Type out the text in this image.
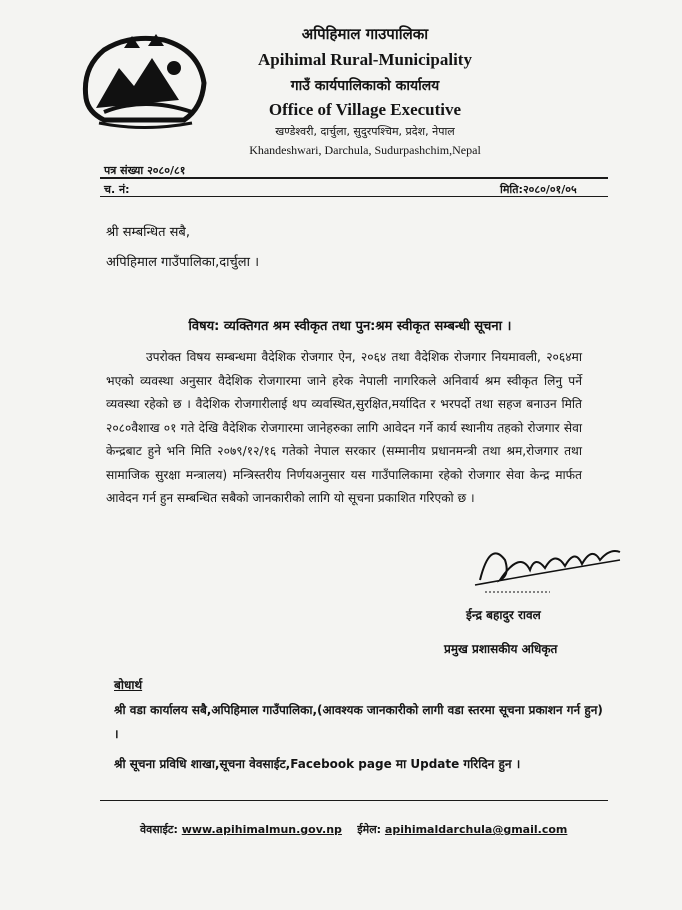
अपिहिमाल गाउपालिका
Apihimal Rural-Municipality
गाउँ कार्यपालिकाको कार्यालय
Office of Village Executive
खण्डेश्वरी, दार्चुला, सुदुरपश्चिम, प्रदेश, नेपाल
Khandeshwari, Darchula, Sudurpashchim,Nepal
पत्र संख्या २०८०/८१
च. नं:	मिति:२०८०/०१/०५
श्री सम्बन्धित सबै,
अपिहिमाल गाउँपालिका,दार्चुला ।
विषय: व्यक्तिगत श्रम स्वीकृत तथा पुन:श्रम स्वीकृत सम्बन्धी सूचना ।
उपरोक्त विषय सम्बन्धमा वैदेशिक रोजगार ऐन, २०६४ तथा वैदेशिक रोजगार नियमावली, २०६४मा भएको व्यवस्था अनुसार वैदेशिक रोजगारमा जाने हरेक नेपाली नागरिकले अनिवार्य श्रम स्वीकृत लिनु पर्ने व्यवस्था रहेको छ । वैदेशिक रोजगारीलाई थप व्यवस्थित,सुरक्षित,मर्यादित र भरपर्दो तथा सहज बनाउन मिति २०८०वैशाख ०१ गते देखि वैदेशिक रोजगारमा जानेहरुका लागि आवेदन गर्ने कार्य स्थानीय तहको रोजगार सेवा केन्द्रबाट हुने भनि मिति २०७९/१२/१६ गतेको नेपाल सरकार (सम्मानीय प्रधानमन्त्री तथा श्रम,रोजगार तथा सामाजिक सुरक्षा मन्त्रालय) मन्त्रिस्तरीय निर्णयअनुसार यस गाउँपालिकामा रहेको रोजगार सेवा केन्द्र मार्फत आवेदन गर्न हुन सम्बन्धित सबैको जानकारीको लागि यो सूचना प्रकाशित गरिएको छ ।
ईन्द्र बहादुर रावल
प्रमुख प्रशासकीय अधिकृत
बोधार्थ
श्री वडा कार्यालय सबै,अपिहिमाल गाउँपालिका,(आवश्यक जानकारीको लागी वडा स्तरमा सूचना प्रकाशन गर्न हुन) ।
श्री सूचना प्रविधि शाखा,सूचना वेवसाईट,Facebook page मा Update गरिदिन हुन ।
वेवसाईट: www.apihimalmun.gov.np ईमेल: apihimaldarchula@gmail.com
